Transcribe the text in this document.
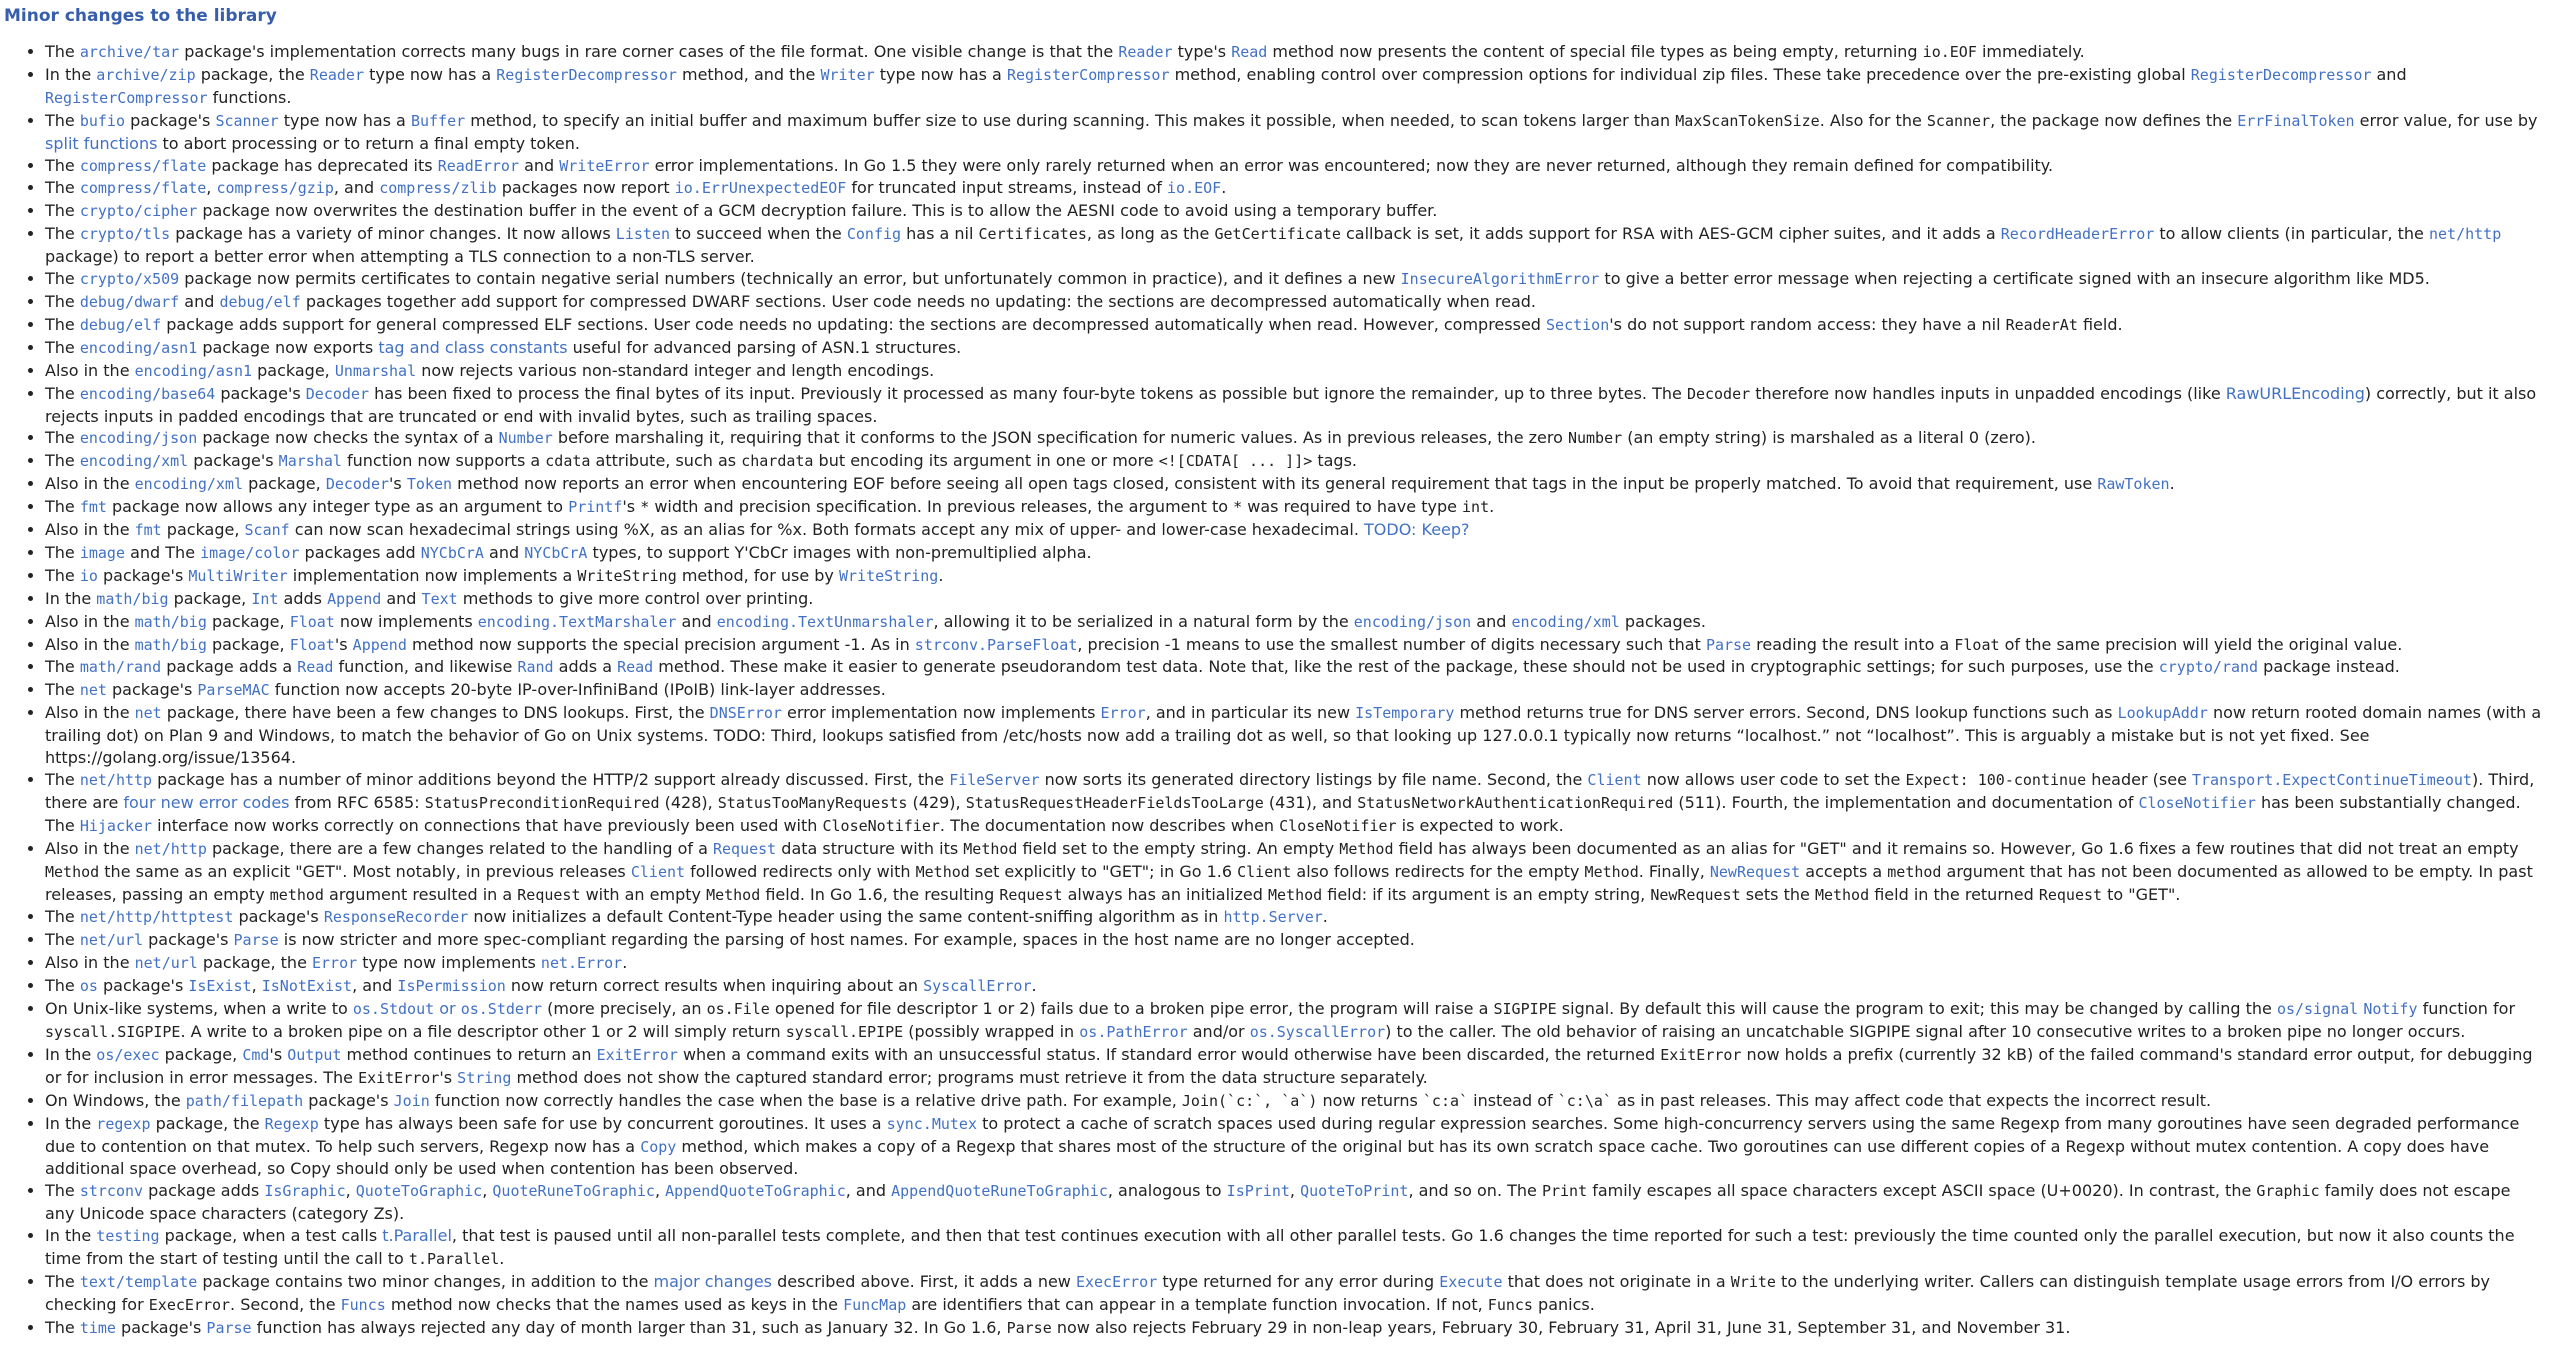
Minor changes to the library
• The archive/tar package's implementation corrects many bugs in rare corner cases of the file format. One visible change is that the Reader type's Read method now presents the content of special file types as being empty, returning io.EOF immediately.
• In the archive/zip package, the Reader type now has a RegisterDecompressor method, and the Writer type now has a RegisterCompressor method, enabling control over compression options for individual zip files. These take precedence over the pre-existing global RegisterDecompressor and RegisterCompressor functions.
• The bufio package's Scanner type now has a Buffer method, to specify an initial buffer and maximum buffer size to use during scanning. This makes it possible, when needed, to scan tokens larger than MaxScanTokenSize. Also for the Scanner, the package now defines the ErrFinalToken error value, for use by split functions to abort processing or to return a final empty token.
• The compress/flate package has deprecated its ReadError and WriteError error implementations. In Go 1.5 they were only rarely returned when an error was encountered; now they are never returned, although they remain defined for compatibility.
• The compress/flate, compress/gzip, and compress/zlib packages now report io.ErrUnexpectedEOF for truncated input streams, instead of io.EOF.
• The crypto/cipher package now overwrites the destination buffer in the event of a GCM decryption failure. This is to allow the AESNI code to avoid using a temporary buffer.
• The crypto/tls package has a variety of minor changes. It now allows Listen to succeed when the Config has a nil Certificates, as long as the GetCertificate callback is set, it adds support for RSA with AES-GCM cipher suites, and it adds a RecordHeaderError to allow clients (in particular, the net/http package) to report a better error when attempting a TLS connection to a non-TLS server.
• The crypto/x509 package now permits certificates to contain negative serial numbers (technically an error, but unfortunately common in practice), and it defines a new InsecureAlgorithmError to give a better error message when rejecting a certificate signed with an insecure algorithm like MD5.
• The debug/dwarf and debug/elf packages together add support for compressed DWARF sections. User code needs no updating: the sections are decompressed automatically when read.
• The debug/elf package adds support for general compressed ELF sections. User code needs no updating: the sections are decompressed automatically when read. However, compressed Section's do not support random access: they have a nil ReaderAt field.
• The encoding/asn1 package now exports tag and class constants useful for advanced parsing of ASN.1 structures.
• Also in the encoding/asn1 package, Unmarshal now rejects various non-standard integer and length encodings.
• The encoding/base64 package's Decoder has been fixed to process the final bytes of its input. Previously it processed as many four-byte tokens as possible but ignore the remainder, up to three bytes. The Decoder therefore now handles inputs in unpadded encodings (like RawURLEncoding) correctly, but it also rejects inputs in padded encodings that are truncated or end with invalid bytes, such as trailing spaces.
• The encoding/json package now checks the syntax of a Number before marshaling it, requiring that it conforms to the JSON specification for numeric values. As in previous releases, the zero Number (an empty string) is marshaled as a literal 0 (zero).
• The encoding/xml package's Marshal function now supports a cdata attribute, such as chardata but encoding its argument in one or more <![CDATA[ ... ]]> tags.
• Also in the encoding/xml package, Decoder's Token method now reports an error when encountering EOF before seeing all open tags closed, consistent with its general requirement that tags in the input be properly matched. To avoid that requirement, use RawToken.
• The fmt package now allows any integer type as an argument to Printf's * width and precision specification. In previous releases, the argument to * was required to have type int.
• Also in the fmt package, Scanf can now scan hexadecimal strings using %X, as an alias for %x. Both formats accept any mix of upper- and lower-case hexadecimal. TODO: Keep?
• The image and The image/color packages add NYCbCrA and NYCbCrA types, to support Y'CbCr images with non-premultiplied alpha.
• The io package's MultiWriter implementation now implements a WriteString method, for use by WriteString.
• In the math/big package, Int adds Append and Text methods to give more control over printing.
• Also in the math/big package, Float now implements encoding.TextMarshaler and encoding.TextUnmarshaler, allowing it to be serialized in a natural form by the encoding/json and encoding/xml packages.
• Also in the math/big package, Float's Append method now supports the special precision argument -1. As in strconv.ParseFloat, precision -1 means to use the smallest number of digits necessary such that Parse reading the result into a Float of the same precision will yield the original value.
• The math/rand package adds a Read function, and likewise Rand adds a Read method. These make it easier to generate pseudorandom test data. Note that, like the rest of the package, these should not be used in cryptographic settings; for such purposes, use the crypto/rand package instead.
• The net package's ParseMAC function now accepts 20-byte IP-over-InfiniBand (IPoIB) link-layer addresses.
• Also in the net package, there have been a few changes to DNS lookups. First, the DNSError error implementation now implements Error, and in particular its new IsTemporary method returns true for DNS server errors. Second, DNS lookup functions such as LookupAddr now return rooted domain names (with a trailing dot) on Plan 9 and Windows, to match the behavior of Go on Unix systems. TODO: Third, lookups satisfied from /etc/hosts now add a trailing dot as well, so that looking up 127.0.0.1 typically now returns “localhost.” not “localhost”. This is arguably a mistake but is not yet fixed. See https://golang.org/issue/13564.
• The net/http package has a number of minor additions beyond the HTTP/2 support already discussed. First, the FileServer now sorts its generated directory listings by file name. Second, the Client now allows user code to set the Expect: 100-continue header (see Transport.ExpectContinueTimeout). Third, there are four new error codes from RFC 6585: StatusPreconditionRequired (428), StatusTooManyRequests (429), StatusRequestHeaderFieldsTooLarge (431), and StatusNetworkAuthenticationRequired (511). Fourth, the implementation and documentation of CloseNotifier has been substantially changed. The Hijacker interface now works correctly on connections that have previously been used with CloseNotifier. The documentation now describes when CloseNotifier is expected to work.
• Also in the net/http package, there are a few changes related to the handling of a Request data structure with its Method field set to the empty string. An empty Method field has always been documented as an alias for "GET" and it remains so. However, Go 1.6 fixes a few routines that did not treat an empty Method the same as an explicit "GET". Most notably, in previous releases Client followed redirects only with Method set explicitly to "GET"; in Go 1.6 Client also follows redirects for the empty Method. Finally, NewRequest accepts a method argument that has not been documented as allowed to be empty. In past releases, passing an empty method argument resulted in a Request with an empty Method field. In Go 1.6, the resulting Request always has an initialized Method field: if its argument is an empty string, NewRequest sets the Method field in the returned Request to "GET".
• The net/http/httptest package's ResponseRecorder now initializes a default Content-Type header using the same content-sniffing algorithm as in http.Server.
• The net/url package's Parse is now stricter and more spec-compliant regarding the parsing of host names. For example, spaces in the host name are no longer accepted.
• Also in the net/url package, the Error type now implements net.Error.
• The os package's IsExist, IsNotExist, and IsPermission now return correct results when inquiring about an SyscallError.
• On Unix-like systems, when a write to os.Stdout or os.Stderr (more precisely, an os.File opened for file descriptor 1 or 2) fails due to a broken pipe error, the program will raise a SIGPIPE signal. By default this will cause the program to exit; this may be changed by calling the os/signal Notify function for syscall.SIGPIPE. A write to a broken pipe on a file descriptor other 1 or 2 will simply return syscall.EPIPE (possibly wrapped in os.PathError and/or os.SyscallError) to the caller. The old behavior of raising an uncatchable SIGPIPE signal after 10 consecutive writes to a broken pipe no longer occurs.
• In the os/exec package, Cmd's Output method continues to return an ExitError when a command exits with an unsuccessful status. If standard error would otherwise have been discarded, the returned ExitError now holds a prefix (currently 32 kB) of the failed command's standard error output, for debugging or for inclusion in error messages. The ExitError's String method does not show the captured standard error; programs must retrieve it from the data structure separately.
• On Windows, the path/filepath package's Join function now correctly handles the case when the base is a relative drive path. For example, Join(`c:`, `a`) now returns `c:a` instead of `c:\a` as in past releases. This may affect code that expects the incorrect result.
• In the regexp package, the Regexp type has always been safe for use by concurrent goroutines. It uses a sync.Mutex to protect a cache of scratch spaces used during regular expression searches. Some high-concurrency servers using the same Regexp from many goroutines have seen degraded performance due to contention on that mutex. To help such servers, Regexp now has a Copy method, which makes a copy of a Regexp that shares most of the structure of the original but has its own scratch space cache. Two goroutines can use different copies of a Regexp without mutex contention. A copy does have additional space overhead, so Copy should only be used when contention has been observed.
• The strconv package adds IsGraphic, QuoteToGraphic, QuoteRuneToGraphic, AppendQuoteToGraphic, and AppendQuoteRuneToGraphic, analogous to IsPrint, QuoteToPrint, and so on. The Print family escapes all space characters except ASCII space (U+0020). In contrast, the Graphic family does not escape any Unicode space characters (category Zs).
• In the testing package, when a test calls t.Parallel, that test is paused until all non-parallel tests complete, and then that test continues execution with all other parallel tests. Go 1.6 changes the time reported for such a test: previously the time counted only the parallel execution, but now it also counts the time from the start of testing until the call to t.Parallel.
• The text/template package contains two minor changes, in addition to the major changes described above. First, it adds a new ExecError type returned for any error during Execute that does not originate in a Write to the underlying writer. Callers can distinguish template usage errors from I/O errors by checking for ExecError. Second, the Funcs method now checks that the names used as keys in the FuncMap are identifiers that can appear in a template function invocation. If not, Funcs panics.
• The time package's Parse function has always rejected any day of month larger than 31, such as January 32. In Go 1.6, Parse now also rejects February 29 in non-leap years, February 30, February 31, April 31, June 31, September 31, and November 31.
